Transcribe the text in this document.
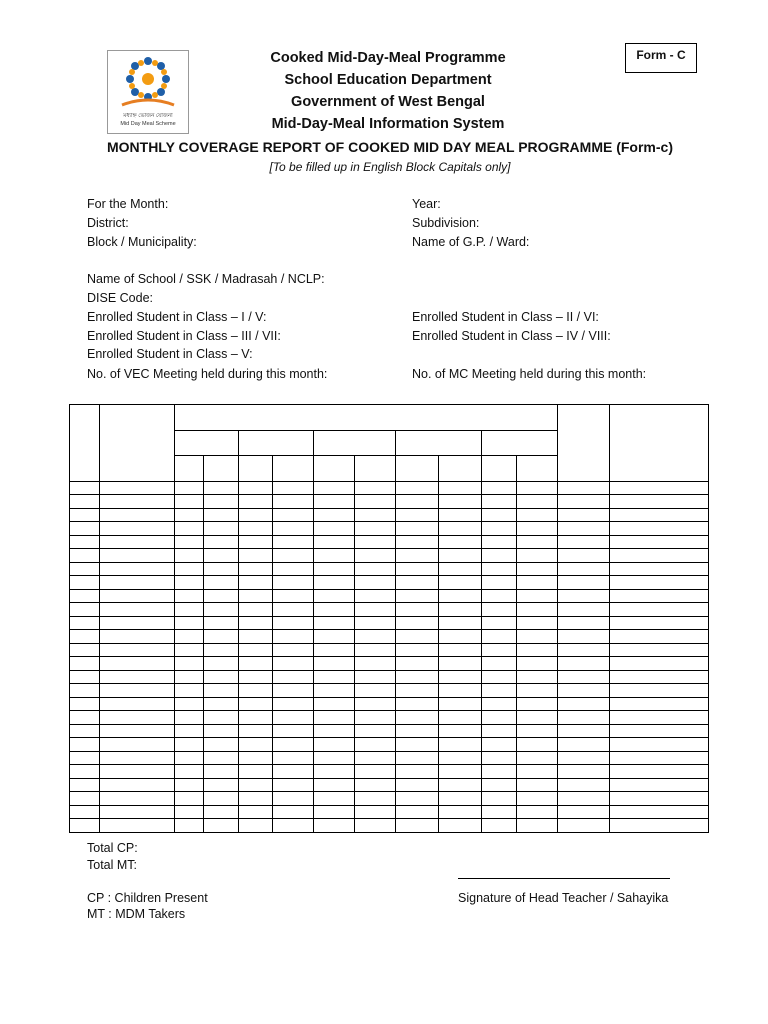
মধ্যাহ্ন ভোজন যোজনা
Mid Day Meal Scheme
Form - C
Cooked Mid-Day-Meal Programme
School Education Department
Government of West Bengal
Mid-Day-Meal Information System
MONTHLY COVERAGE REPORT OF COOKED MID DAY MEAL PROGRAMME (Form-c)
[To be filled up in English Block Capitals only]
For the Month:	Year:
District:	Subdivision:
Block / Municipality:	Name of G.P. / Ward:
Name of School / SSK / Madrasah / NCLP:
DISE Code:
Enrolled Student in Class – I / V:	Enrolled Student in Class – II / VI:
Enrolled Student in Class – III / VII:	Enrolled Student in Class – IV / VIII:
Enrolled Student in Class – V:
No. of VEC Meeting held during this month:	No. of MC Meeting held during this month:

Total CP:
Total MT:
CP : Children Present
MT : MDM Takers
Signature of Head Teacher / Sahayika
